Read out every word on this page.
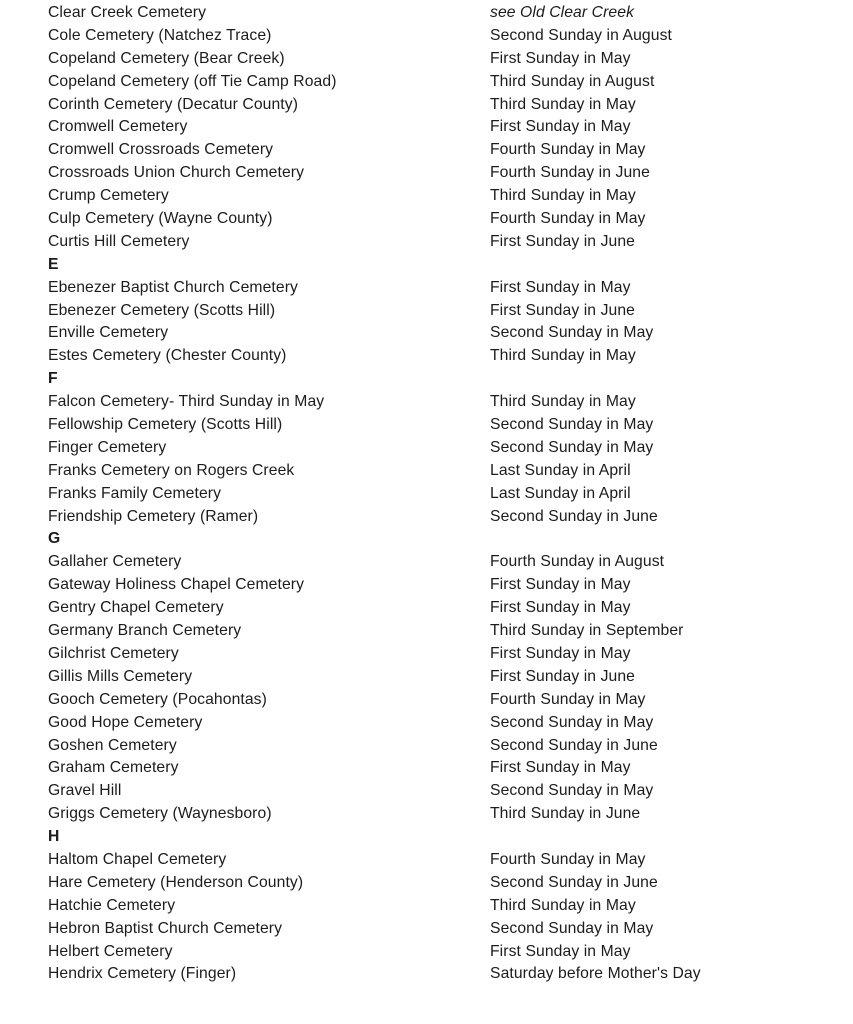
Clear Creek Cemetery	see Old Clear Creek
Cole Cemetery (Natchez Trace)	Second Sunday in August
Copeland Cemetery (Bear Creek)	First Sunday in May
Copeland Cemetery (off Tie Camp Road)	Third Sunday in August
Corinth Cemetery (Decatur County)	Third Sunday in May
Cromwell Cemetery	First Sunday in May
Cromwell Crossroads Cemetery	Fourth Sunday in May
Crossroads Union Church Cemetery	Fourth Sunday in June
Crump Cemetery	Third Sunday in May
Culp Cemetery (Wayne County)	Fourth Sunday in May
Curtis Hill Cemetery	First Sunday in June
E
Ebenezer Baptist Church Cemetery	First Sunday in May
Ebenezer Cemetery (Scotts Hill)	First Sunday in June
Enville Cemetery	Second Sunday in May
Estes Cemetery (Chester County)	Third Sunday in May
F
Falcon Cemetery- Third Sunday in May	Third Sunday in May
Fellowship Cemetery (Scotts Hill)	Second Sunday in May
Finger Cemetery	Second Sunday in May
Franks Cemetery on Rogers Creek	Last Sunday in April
Franks Family Cemetery	Last Sunday in April
Friendship Cemetery (Ramer)	Second Sunday in June
G
Gallaher Cemetery	Fourth Sunday in August
Gateway Holiness Chapel Cemetery	First Sunday in May
Gentry Chapel Cemetery	First Sunday in May
Germany Branch Cemetery	Third Sunday in September
Gilchrist Cemetery	First Sunday in May
Gillis Mills Cemetery	First Sunday in June
Gooch Cemetery (Pocahontas)	Fourth Sunday in May
Good Hope Cemetery	Second Sunday in May
Goshen Cemetery	Second Sunday in June
Graham Cemetery	First Sunday in May
Gravel Hill	Second Sunday in May
Griggs Cemetery (Waynesboro)	Third Sunday in June
H
Haltom Chapel Cemetery	Fourth Sunday in May
Hare Cemetery (Henderson County)	Second Sunday in June
Hatchie Cemetery	Third Sunday in May
Hebron Baptist Church Cemetery	Second Sunday in May
Helbert Cemetery	First Sunday in May
Hendrix Cemetery (Finger)	Saturday before Mother's Day
